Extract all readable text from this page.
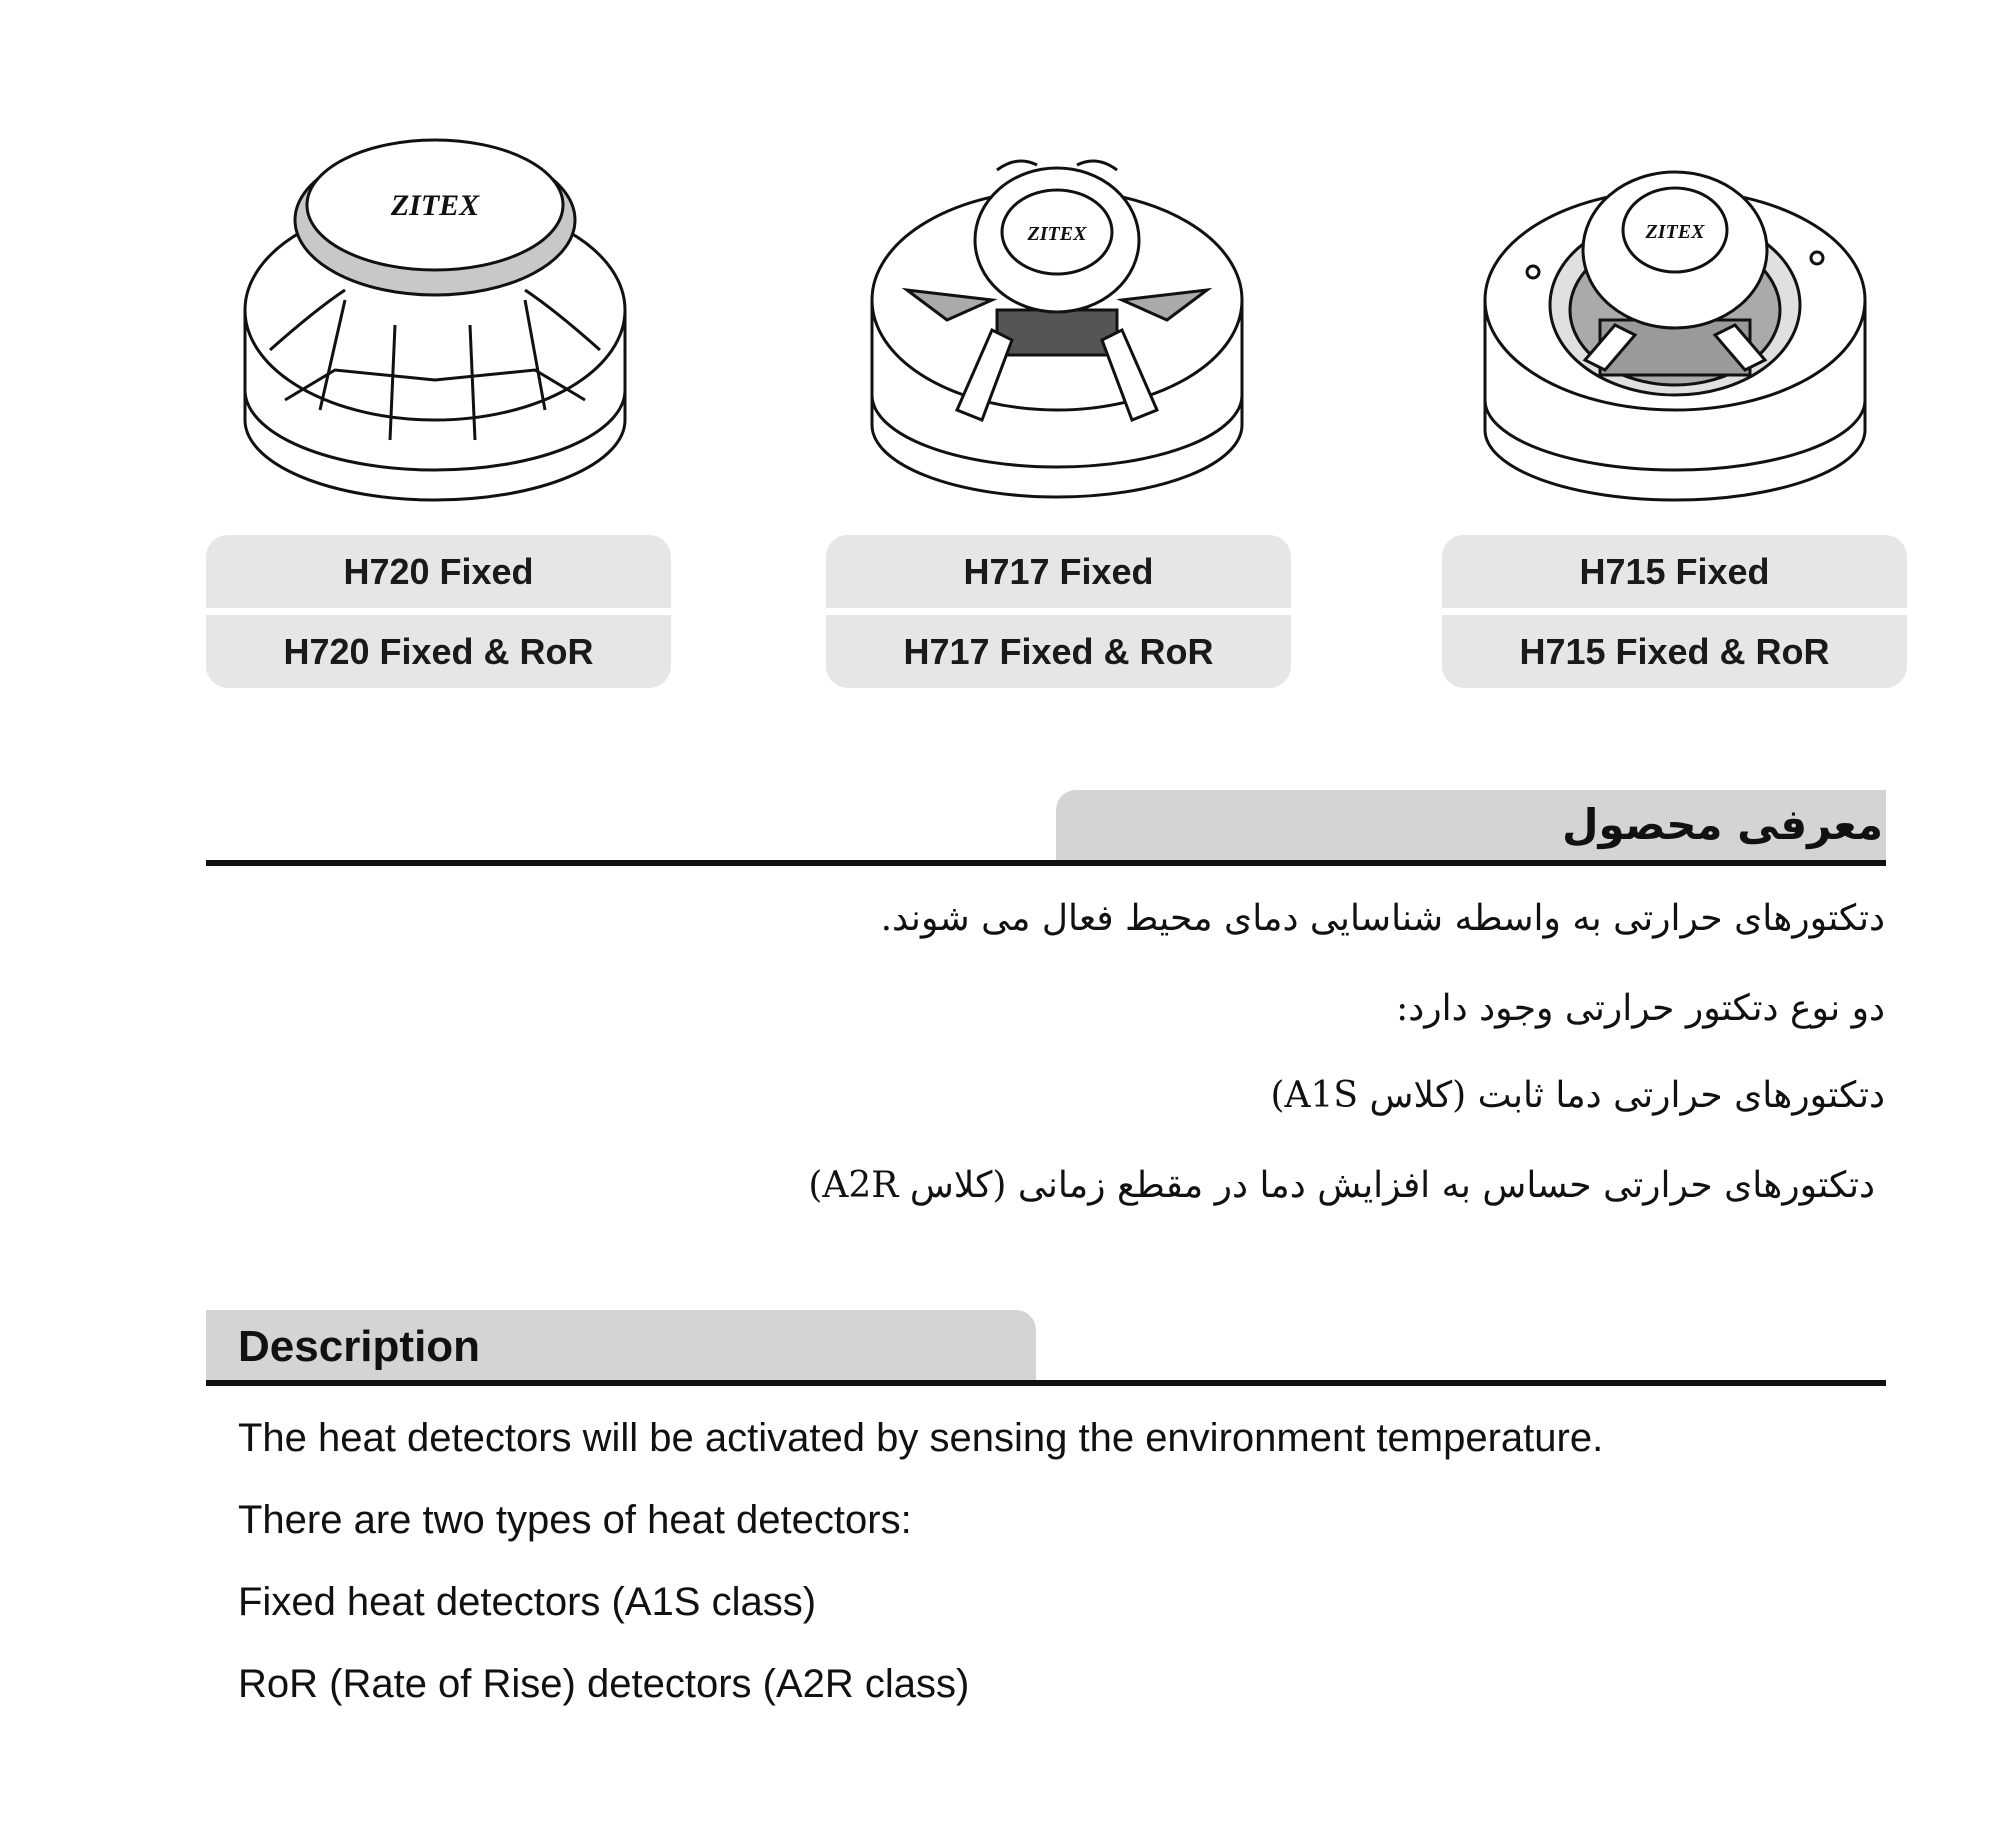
ZITEX
ZITEX	ZITEX
H720 Fixed
H720 Fixed & RoR
H717 Fixed
H717 Fixed & RoR
H715 Fixed
H715 Fixed & RoR
معرفی محصول
دتکتورهای حرارتی به واسطه شناسایی دمای محیط فعال می شوند.
دو نوع دتکتور حرارتی وجود دارد:
دتکتورهای حرارتی دما ثابت (کلاس A1S)
دتکتورهای حرارتی حساس به افزایش دما در مقطع زمانی (کلاس A2R)
Description
The heat detectors will be activated by sensing the environment temperature.
There are two types of heat detectors:
Fixed heat detectors (A1S class)
RoR (Rate of Rise) detectors (A2R class)
